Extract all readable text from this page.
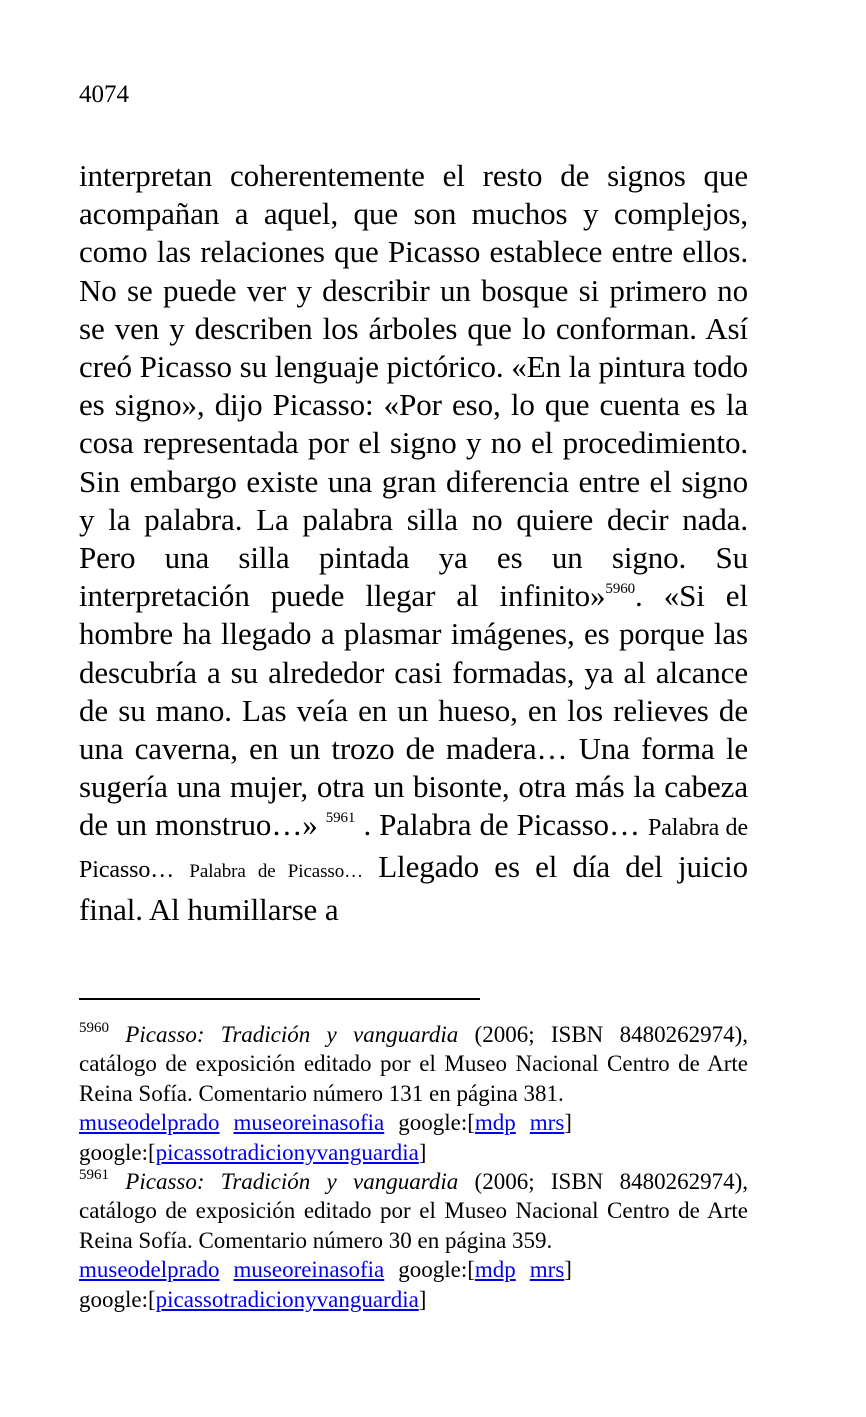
4074
interpretan coherentemente el resto de signos que acompañan a aquel, que son muchos y complejos, como las relaciones que Picasso establece entre ellos. No se puede ver y describir un bosque si primero no se ven y describen los árboles que lo conforman. Así creó Picasso su lenguaje pictórico. «En la pintura todo es signo», dijo Picasso: «Por eso, lo que cuenta es la cosa representada por el signo y no el procedimiento. Sin embargo existe una gran diferencia entre el signo y la palabra. La palabra silla no quiere decir nada. Pero una silla pintada ya es un signo. Su interpretación puede llegar al infinito»$^{5960}$. «Si el hombre ha llegado a plasmar imágenes, es porque las descubría a su alrededor casi formadas, ya al alcance de su mano. Las veía en un hueso, en los relieves de una caverna, en un trozo de madera… Una forma le sugería una mujer, otra un bisonte, otra más la cabeza de un monstruo…» $^{5961}$ . Palabra de Picasso… Palabra de Picasso… Palabra de Picasso… Llegado es el día del juicio final. Al humillarse a
$^{5960}$ Picasso: Tradición y vanguardia (2006; ISBN 8480262974), catálogo de exposición editado por el Museo Nacional Centro de Arte Reina Sofía. Comentario número 131 en página 381.
museodelprado museoreinasofia google:[mdp mrs]
google:[picassotradicionyvanguardia]
$^{5961}$ Picasso: Tradición y vanguardia (2006; ISBN 8480262974), catálogo de exposición editado por el Museo Nacional Centro de Arte Reina Sofía. Comentario número 30 en página 359.
museodelprado museoreinasofia google:[mdp mrs]
google:[picassotradicionyvanguardia]
